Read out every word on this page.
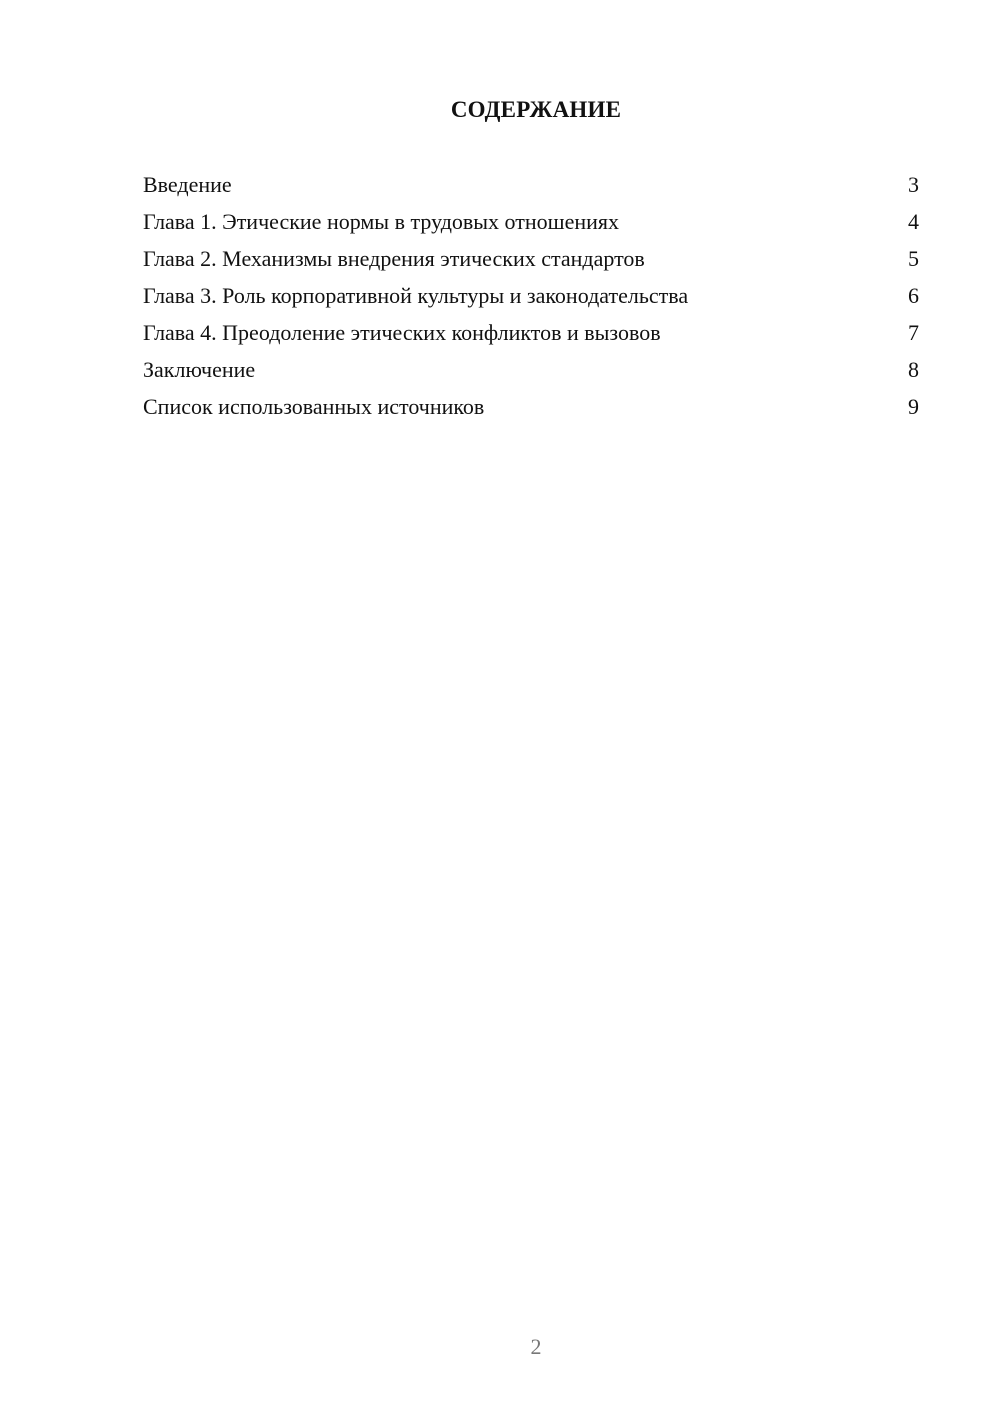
СОДЕРЖАНИЕ
Введение	3
Глава 1. Этические нормы в трудовых отношениях	4
Глава 2. Механизмы внедрения этических стандартов	5
Глава 3. Роль корпоративной культуры и законодательства	6
Глава 4. Преодоление этических конфликтов и вызовов	7
Заключение	8
Список использованных источников	9
2
